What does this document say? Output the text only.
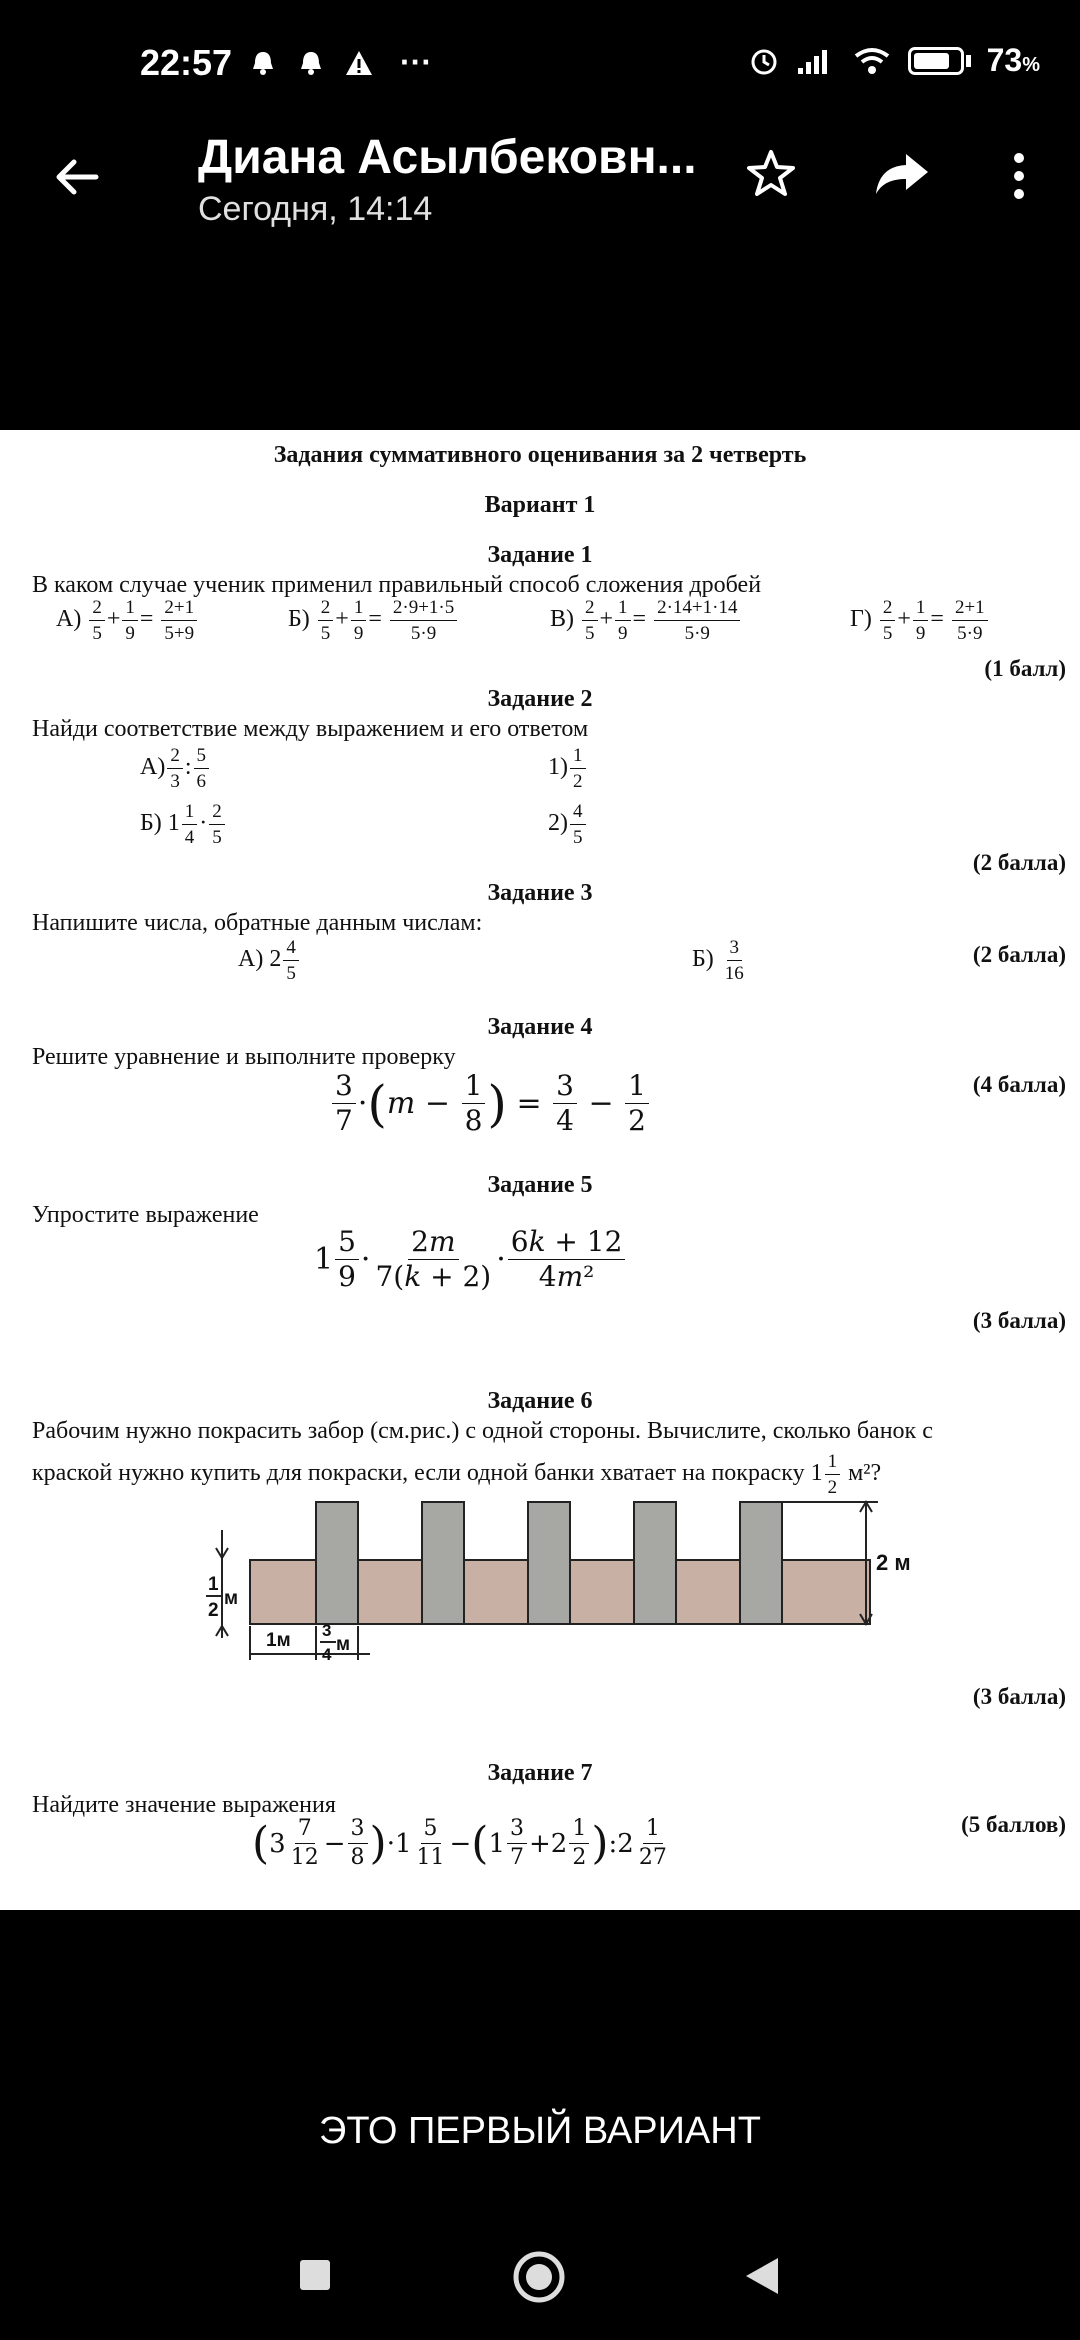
22:57	···	73%
Диана Асылбековн...
Сегодня, 14:14
Задания суммативного оценивания за 2 четверть
Вариант 1
Задание 1
В каком случае ученик применил правильный способ сложения дробей
$А) \frac{2}{5} + \frac{1}{9} = \frac{2+1}{5+9}$	$Б) \frac{2}{5} + \frac{1}{9} = \frac{2\cdot 9+1\cdot 5}{5\cdot 9}$	$В) \frac{2}{5} + \frac{1}{9} = \frac{2\cdot 14+1\cdot 14}{5\cdot 9}$	$Г) \frac{2}{5} + \frac{1}{9} = \frac{2+1}{5\cdot 9}$
(1 балл)
Задание 2
Найди соответствие между выражением и его ответом
$А) \frac{2}{3}$ : $\frac{5}{6}$
Б) $1 \frac{1}{4} \cdot \frac{2}{5}$
$1) \frac{1}{2}$
$2) \frac{4}{5}$
(2 балла)
Задание 3
Напишите числа, обратные данным числам:
А) $2 \frac{4}{5}$	$Б) \frac{3}{16}$	(2 балла)
Задание 4
Решите уравнение и выполните проверку
3
7 · ( m −
1
8 ) =
3
4 −
1
2
(4 балла)
Задание 5
Упростите выражение
1
5
9 ·
2m
7(k + 2) ·
6k + 12
4m²
(3 балла)
Задание 6
Рабочим нужно покрасить забор (см.рис.) с одной стороны. Вычислите, сколько банок с
краской нужно купить для покраски, если одной банки хватает на покраску $1 \frac{1}{2} м^2$?
2 м
1
2
м
1м 3
4 м
(3 балла)
Задание 7
Найдите значение выражения
( 3 7
12 − 3
8 ) ·1 5
11 − ( 1 3
7 +2 1
2 ) :2 1
27
(5 баллов)
ЭТО ПЕРВЫЙ ВАРИАНТ
